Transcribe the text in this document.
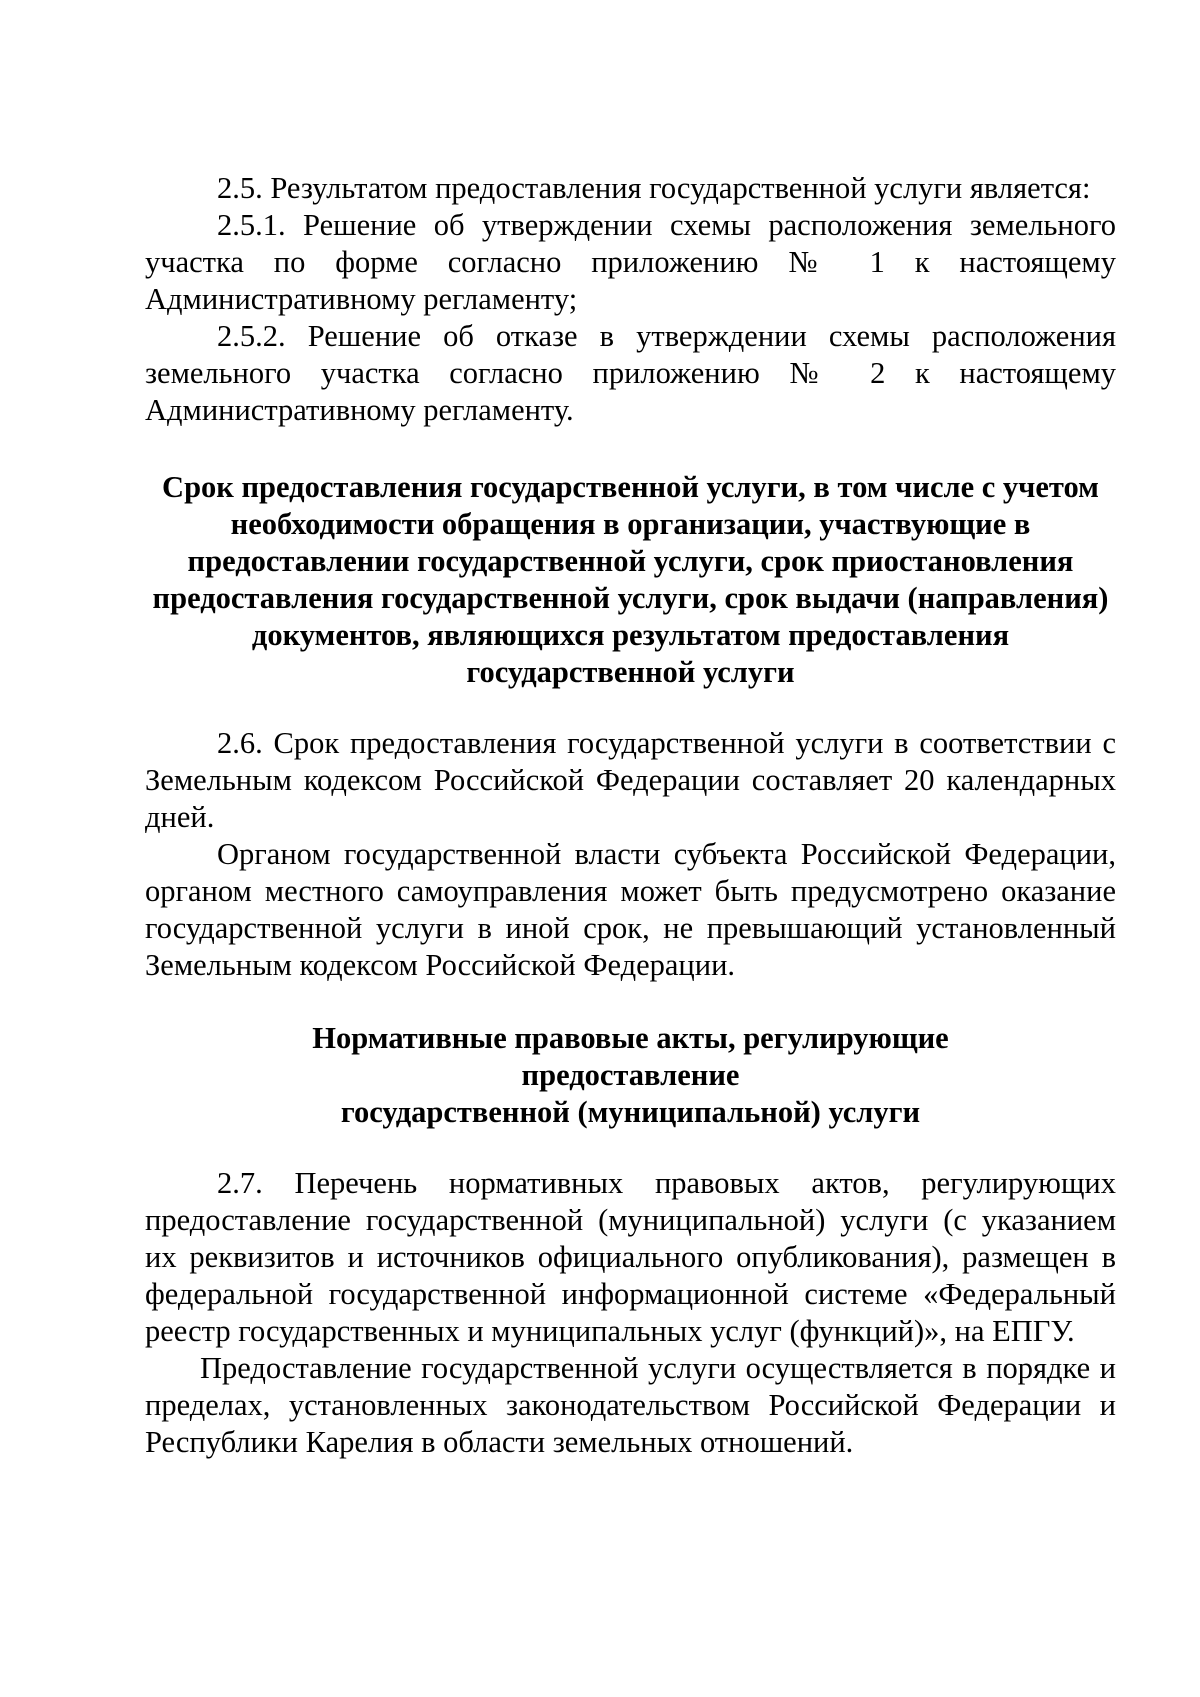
2.5. Результатом предоставления государственной услуги является:

2.5.1. Решение об утверждении схемы расположения земельного участка по форме согласно приложению № 1 к настоящему Административному регламенту;

2.5.2. Решение об отказе в утверждении схемы расположения земельного участка согласно приложению № 2 к настоящему Административному регламенту.

Срок предоставления государственной услуги, в том числе с учетом необходимости обращения в организации, участвующие в предоставлении государственной услуги, срок приостановления предоставления государственной услуги, срок выдачи (направления) документов, являющихся результатом предоставления государственной услуги

2.6. Срок предоставления государственной услуги в соответствии с Земельным кодексом Российской Федерации составляет 20 календарных дней.

Органом государственной власти субъекта Российской Федерации, органом местного самоуправления может быть предусмотрено оказание государственной услуги в иной срок, не превышающий установленный Земельным кодексом Российской Федерации.

Нормативные правовые акты, регулирующие
предоставление
государственной (муниципальной) услуги

2.7. Перечень нормативных правовых актов, регулирующих предоставление государственной (муниципальной) услуги (с указанием их реквизитов и источников официального опубликования), размещен в федеральной государственной информационной системе «Федеральный реестр государственных и муниципальных услуг (функций)», на ЕПГУ.

Предоставление государственной услуги осуществляется в порядке и пределах, установленных законодательством Российской Федерации и Республики Карелия в области земельных отношений.
